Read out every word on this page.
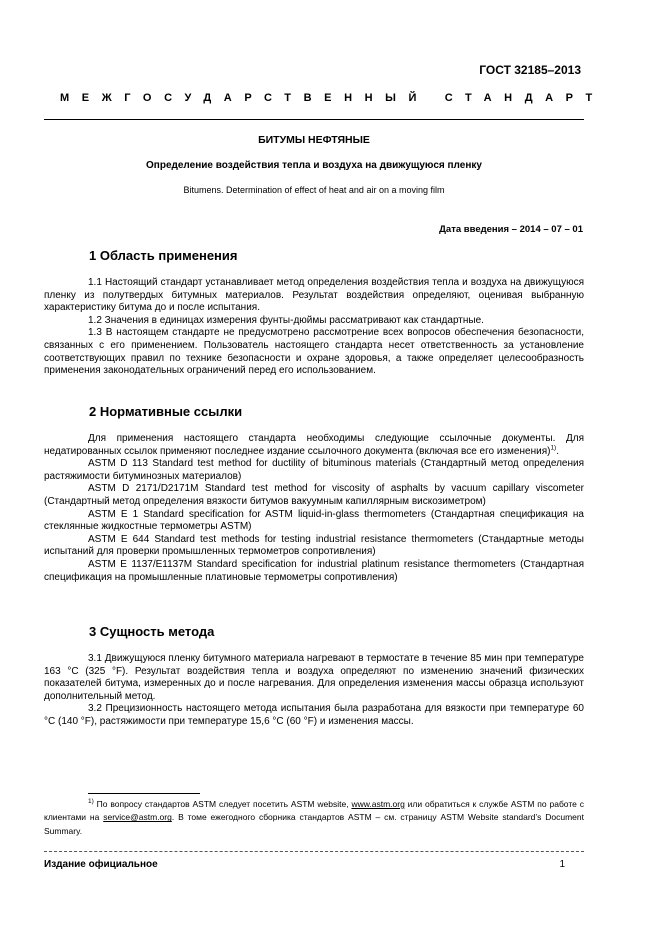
ГОСТ 32185–2013
МЕЖГОСУДАРСТВЕННЫЙ СТАНДАРТ
БИТУМЫ НЕФТЯНЫЕ
Определение воздействия тепла и воздуха на движущуюся пленку
Bitumens. Determination of effect of heat and air on a moving film
Дата введения – 2014 – 07 – 01
1 Область применения

1.1 Настоящий стандарт устанавливает метод определения воздействия тепла и воздуха на движущуюся пленку из полутвердых битумных материалов. Результат воздействия определяют, оценивая выбранную характеристику битума до и после испытания.

1.2 Значения в единицах измерения фунты-дюймы рассматривают как стандартные.

1.3 В настоящем стандарте не предусмотрено рассмотрение всех вопросов обеспечения безопасности, связанных с его применением. Пользователь настоящего стандарта несет ответственность за установление соответствующих правил по технике безопасности и охране здоровья, а также определяет целесообразность применения законодательных ограничений перед его использованием.

2 Нормативные ссылки

Для применения настоящего стандарта необходимы следующие ссылочные документы. Для недатированных ссылок применяют последнее издание ссылочного документа (включая все его изменения)$^{1)}$.

ASTM D 113 Standard test method for ductility of bituminous materials (Стандартный метод определения растяжимости битуминозных материалов)

ASTM D 2171/D2171M Standard test method for viscosity of asphalts by vacuum capillary viscometer (Стандартный метод определения вязкости битумов вакуумным капиллярным вискозиметром)

ASTM E 1 Standard specification for ASTM liquid-in-glass thermometers (Стандартная спецификация на стеклянные жидкостные термометры ASTM)

ASTM E 644 Standard test methods for testing industrial resistance thermometers (Стандартные методы испытаний для проверки промышленных термометров сопротивления)

ASTM E 1137/E1137M Standard specification for industrial platinum resistance thermometers (Стандартная спецификация на промышленные платиновые термометры сопротивления)

3 Сущность метода

3.1 Движущуюся пленку битумного материала нагревают в термостате в течение 85 мин при температуре 163 °C (325 °F). Результат воздействия тепла и воздуха определяют по изменению значений физических показателей битума, измеренных до и после нагревания. Для определения изменения массы образца используют дополнительный метод.

3.2 Прецизионность настоящего метода испытания была разработана для вязкости при температуре 60 °C (140 °F), растяжимости при температуре 15,6 °C (60 °F) и изменения массы.

$^{1)}$ По вопросу стандартов ASTM следует посетить ASTM website, www.astm.org или обратиться к службе ASTM по работе с клиентами на service@astm.org. В томе ежегодного сборника стандартов ASTM – см. страницу ASTM Website standard’s Document Summary.

Издание официальное	1
